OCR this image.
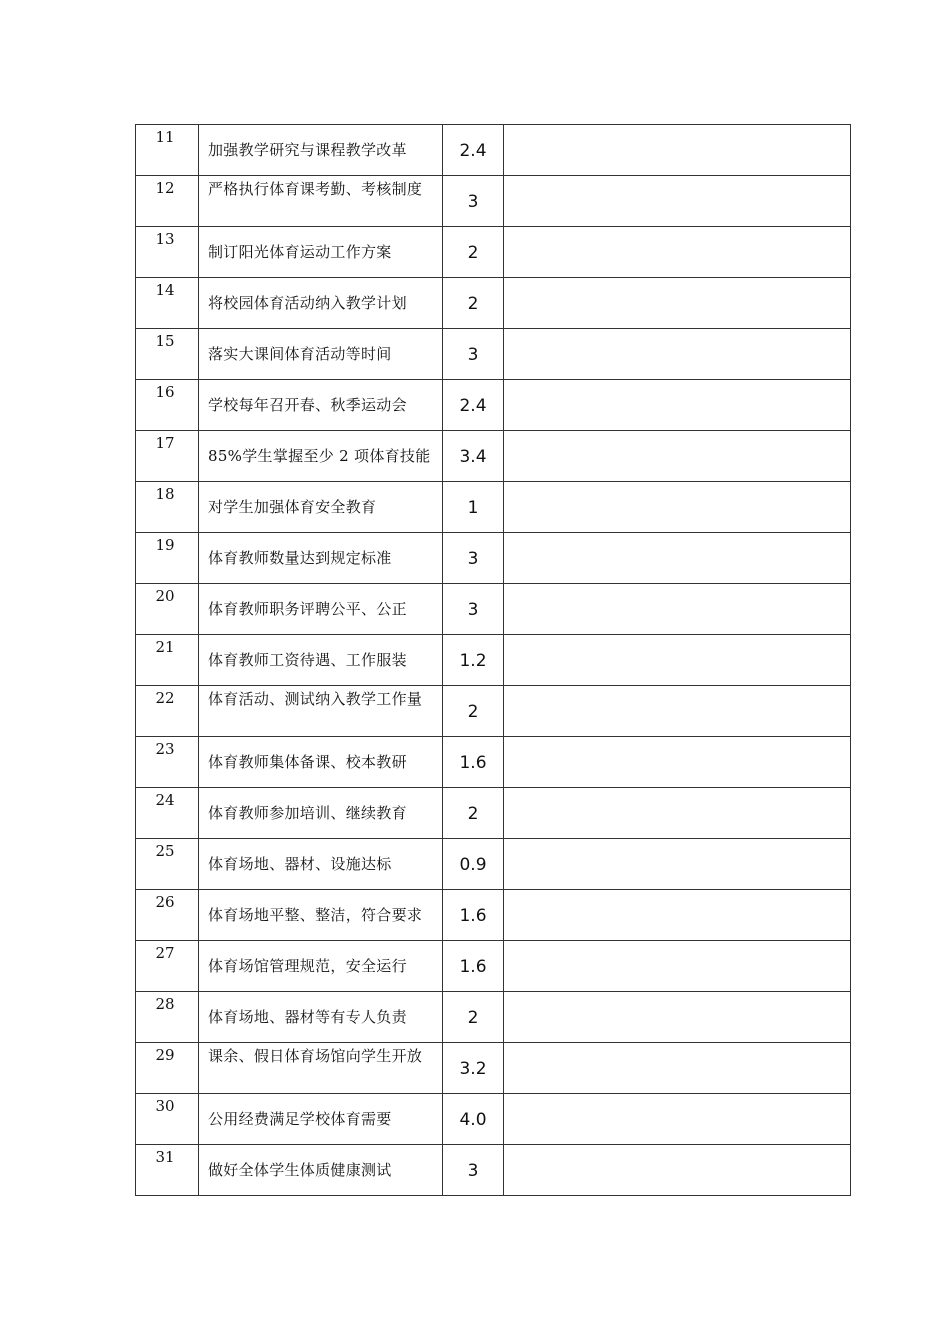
11	加强教学研究与课程教学改革	2.4	

12	严格执行体育课考勤、考核制度	3	

13	制订阳光体育运动工作方案	2	

14	将校园体育活动纳入教学计划	2	

15	落实大课间体育活动等时间	3	

16	学校每年召开春、秋季运动会	2.4	

17	85%学生掌握至少 2 项体育技能	3.4	

18	对学生加强体育安全教育	1	

19	体育教师数量达到规定标准	3	

20	体育教师职务评聘公平、公正	3	

21	体育教师工资待遇、工作服装	1.2	

22	体育活动、测试纳入教学工作量	2	

23	体育教师集体备课、校本教研	1.6	

24	体育教师参加培训、继续教育	2	

25	体育场地、器材、设施达标	0.9	

26	体育场地平整、整洁，符合要求	1.6	

27	体育场馆管理规范，安全运行	1.6	

28	体育场地、器材等有专人负责	2	

29	课余、假日体育场馆向学生开放	3.2	

30	公用经费满足学校体育需要	4.0	

31	做好全体学生体质健康测试	3	
